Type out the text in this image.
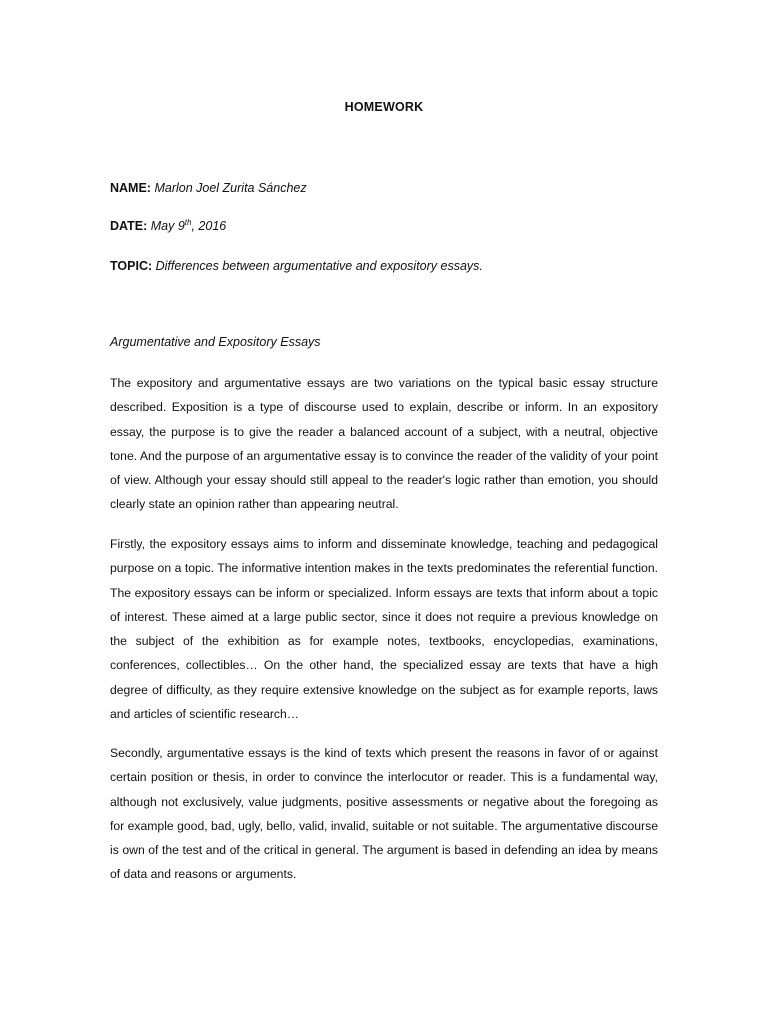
HOMEWORK
NAME: Marlon Joel Zurita Sánchez
DATE: May 9th, 2016
TOPIC: Differences between argumentative and expository essays.
Argumentative and Expository Essays

The expository and argumentative essays are two variations on the typical basic essay structure described. Exposition is a type of discourse used to explain, describe or inform. In an expository essay, the purpose is to give the reader a balanced account of a subject, with a neutral, objective tone. And the purpose of an argumentative essay is to convince the reader of the validity of your point of view. Although your essay should still appeal to the reader's logic rather than emotion, you should clearly state an opinion rather than appearing neutral.

Firstly, the expository essays aims to inform and disseminate knowledge, teaching and pedagogical purpose on a topic. The informative intention makes in the texts predominates the referential function. The expository essays can be inform or specialized. Inform essays are texts that inform about a topic of interest. These aimed at a large public sector, since it does not require a previous knowledge on the subject of the exhibition as for example notes, textbooks, encyclopedias, examinations, conferences, collectibles… On the other hand, the specialized essay are texts that have a high degree of difficulty, as they require extensive knowledge on the subject as for example reports, laws and articles of scientific research…

Secondly, argumentative essays is the kind of texts which present the reasons in favor of or against certain position or thesis, in order to convince the interlocutor or reader. This is a fundamental way, although not exclusively, value judgments, positive assessments or negative about the foregoing as for example good, bad, ugly, bello, valid, invalid, suitable or not suitable. The argumentative discourse is own of the test and of the critical in general. The argument is based in defending an idea by means of data and reasons or arguments.
